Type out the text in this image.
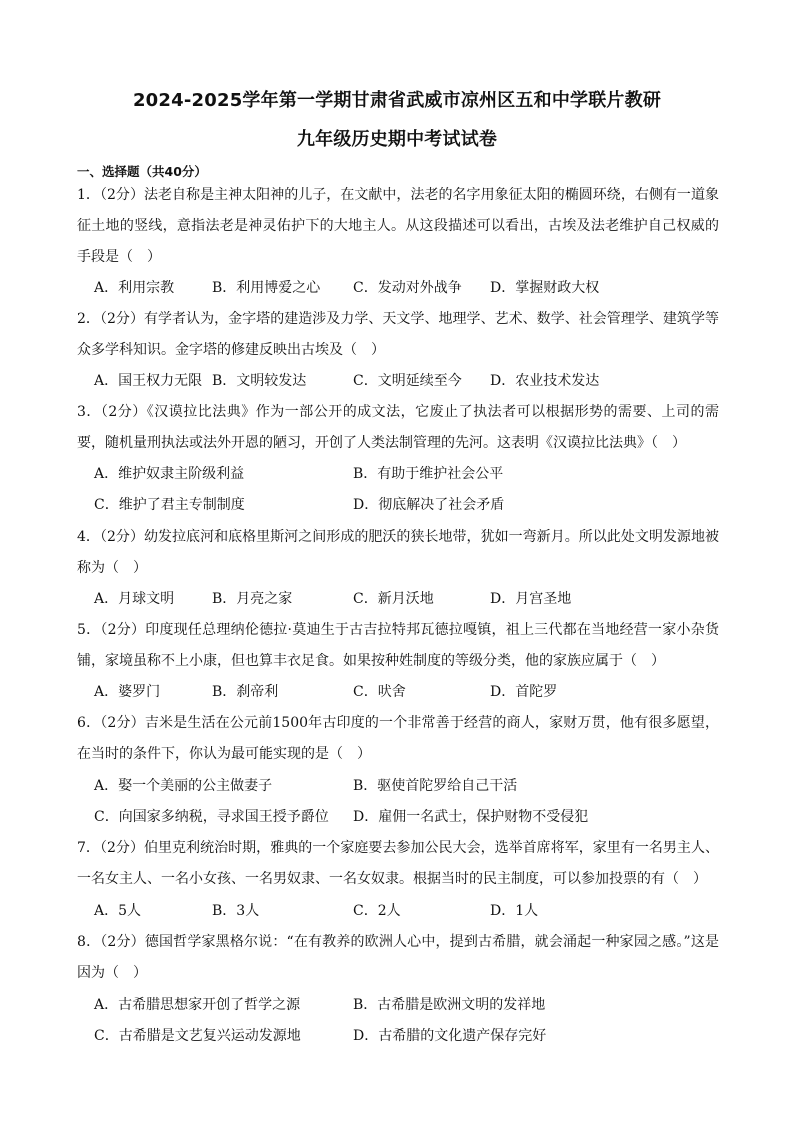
2024-2025学年第一学期甘肃省武威市凉州区五和中学联片教研
九年级历史期中考试试卷
一、选择题（共40分）
1．（2分）法老自称是主神太阳神的儿子，在文献中，法老的名字用象征太阳的椭圆环绕，右侧有一道象征土地的竖线，意指法老是神灵佑护下的大地主人。从这段描述可以看出，古埃及法老维护自己权威的手段是（　）
A．利用宗教	B．利用博爱之心 C．发动对外战争 D．掌握财政大权
2．（2分）有学者认为，金字塔的建造涉及力学、天文学、地理学、艺术、数学、社会管理学、建筑学等众多学科知识。金字塔的修建反映出古埃及（　）
A．国王权力无限 B．文明较发达	C．文明延续至今 D．农业技术发达
3．（2分）《汉谟拉比法典》作为一部公开的成文法，它废止了执法者可以根据形势的需要、上司的需要，随机量刑执法或法外开恩的陋习，开创了人类法制管理的先河。这表明《汉谟拉比法典》（　）
A．维护奴隶主阶级利益	B．有助于维护社会公平
C．维护了君主专制制度	D．彻底解决了社会矛盾
4．（2分）幼发拉底河和底格里斯河之间形成的肥沃的狭长地带，犹如一弯新月。所以此处文明发源地被称为（　）
A．月球文明	B．月亮之家	C．新月沃地	D．月宫圣地
5．（2分）印度现任总理纳伦德拉·莫迪生于古吉拉特邦瓦德拉嘎镇，祖上三代都在当地经营一家小杂货铺，家境虽称不上小康，但也算丰衣足食。如果按种姓制度的等级分类，他的家族应属于（　）
A．婆罗门	B．刹帝利	C．吠舍	D．首陀罗
6．（2分）吉米是生活在公元前1500年古印度的一个非常善于经营的商人，家财万贯，他有很多愿望，在当时的条件下，你认为最可能实现的是（　）
A．娶一个美丽的公主做妻子	B．驱使首陀罗给自己干活
C．向国家多纳税，寻求国王授予爵位 D．雇佣一名武士，保护财物不受侵犯
7．（2分）伯里克利统治时期，雅典的一个家庭要去参加公民大会，选举首席将军，家里有一名男主人、一名女主人、一名小女孩、一名男奴隶、一名女奴隶。根据当时的民主制度，可以参加投票的有（　）
A．5人	B．3人	C．2人	D．1人
8．（2分）德国哲学家黑格尔说：“在有教养的欧洲人心中，提到古希腊，就会涌起一种家园之感。”这是因为（　）
A．古希腊思想家开创了哲学之源	B．古希腊是欧洲文明的发祥地
C．古希腊是文艺复兴运动发源地	D．古希腊的文化遗产保存完好
